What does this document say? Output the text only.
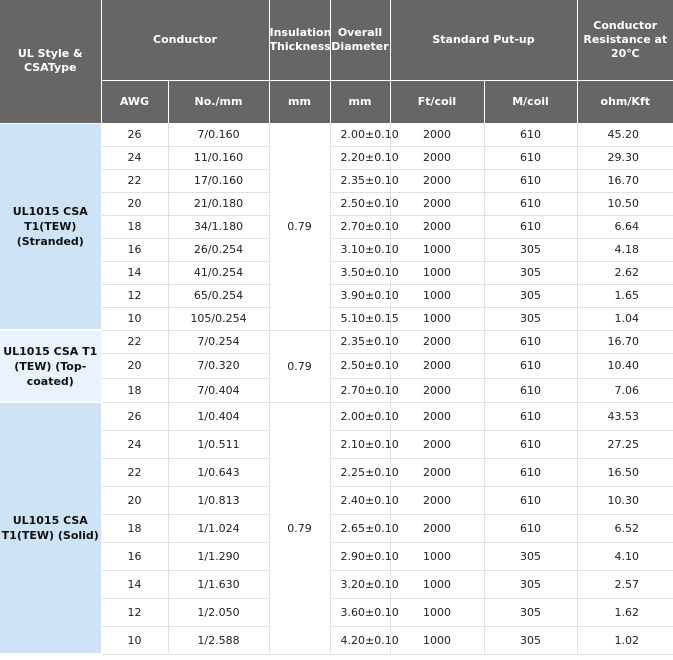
UL Style & CSAType	Conductor		Insulation Thickness	Overall Diameter	Standard Put-up		Conductor Resistance at 20℃
	AWG	No./mm	mm	mm	Ft/coil	M/coil	ohm/Kft
UL1015 CSA T1(TEW) (Stranded)	26	7/0.160	0.79	2.00±0.10	2000	610	45.20
	24	11/0.160		2.20±0.10	2000	610	29.30
	22	17/0.160		2.35±0.10	2000	610	16.70
	20	21/0.180		2.50±0.10	2000	610	10.50
	18	34/1.180		2.70±0.10	2000	610	6.64
	16	26/0.254		3.10±0.10	1000	305	4.18
	14	41/0.254		3.50±0.10	1000	305	2.62
	12	65/0.254		3.90±0.10	1000	305	1.65
	10	105/0.254		5.10±0.15	1000	305	1.04
UL1015 CSA T1 (TEW) (Top-coated)	22	7/0.254	0.79	2.35±0.10	2000	610	16.70
	20	7/0.320		2.50±0.10	2000	610	10.40
	18	7/0.404		2.70±0.10	2000	610	7.06
UL1015 CSA T1(TEW) (Solid)	26	1/0.404	0.79	2.00±0.10	2000	610	43.53
	24	1/0.511		2.10±0.10	2000	610	27.25
	22	1/0.643		2.25±0.10	2000	610	16.50
	20	1/0.813		2.40±0.10	2000	610	10.30
	18	1/1.024		2.65±0.10	2000	610	6.52
	16	1/1.290		2.90±0.10	1000	305	4.10
	14	1/1.630		3.20±0.10	1000	305	2.57
	12	1/2.050		3.60±0.10	1000	305	1.62
	10	1/2.588		4.20±0.10	1000	305	1.02
